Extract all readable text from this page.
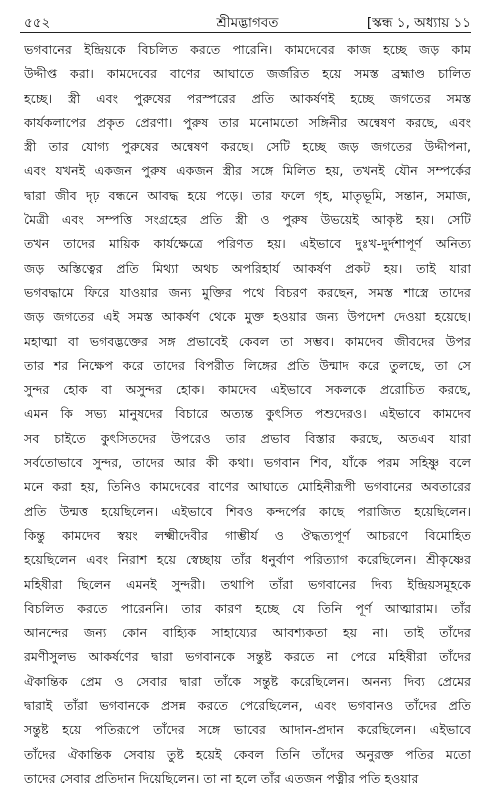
৫৫২	শ্রীমদ্ভাগবত	[স্কন্ধ ১, অধ্যায় ১১
ভগবানের ইন্দ্রিয়কে বিচলিত করতে পারেনি। কামদেবের কাজ হচ্ছে জড় কাম
উদ্দীপ্ত করা। কামদেবের বাণের আঘাতে জর্জরিত হয়ে সমস্ত ব্রহ্মাণ্ড চালিত
হচ্ছে। স্ত্রী এবং পুরুষের পরস্পরের প্রতি আকর্ষণই হচ্ছে জগতের সমস্ত
কার্যকলাপের প্রকৃত প্রেরণা। পুরুষ তার মনোমতো সঙ্গিনীর অন্বেষণ করছে, এবং
স্ত্রী তার যোগ্য পুরুষের অন্বেষণ করছে। সেটি হচ্ছে জড় জগতের উদ্দীপনা,
এবং যখনই একজন পুরুষ একজন স্ত্রীর সঙ্গে মিলিত হয়, তখনই যৌন সম্পর্কের
দ্বারা জীব দৃঢ় বন্ধনে আবদ্ধ হয়ে পড়ে। তার ফলে গৃহ, মাতৃভূমি, সন্তান, সমাজ,
মৈত্রী এবং সম্পত্তি সংগ্রহের প্রতি স্ত্রী ও পুরুষ উভয়েই আকৃষ্ট হয়। সেটি
তখন তাদের মায়িক কার্যক্ষেত্রে পরিণত হয়। এইভাবে দুঃখ-দুর্দশাপূর্ণ অনিত্য
জড় অস্তিত্বের প্রতি মিথ্যা অথচ অপরিহার্য আকর্ষণ প্রকট হয়। তাই যারা
ভগবদ্ধামে ফিরে যাওয়ার জন্য মুক্তির পথে বিচরণ করছেন, সমস্ত শাস্ত্রে তাদের
জড় জগতের এই সমস্ত আকর্ষণ থেকে মুক্ত হওয়ার জন্য উপদেশ দেওয়া হয়েছে।
মহাত্মা বা ভগবদ্ভক্তের সঙ্গ প্রভাবেই কেবল তা সম্ভব। কামদেব জীবদের উপর
তার শর নিক্ষেপ করে তাদের বিপরীত লিঙ্গের প্রতি উন্মাদ করে তুলছে, তা সে
সুন্দর হোক বা অসুন্দর হোক। কামদেব এইভাবে সকলকে প্ররোচিত করছে,
এমন কি সভ্য মানুষদের বিচারে অত্যন্ত কুৎসিত পশুদেরও। এইভাবে কামদেব
সব চাইতে কুৎসিতদের উপরেও তার প্রভাব বিস্তার করছে, অতএব যারা
সর্বতোভাবে সুন্দর, তাদের আর কী কথা। ভগবান শিব, যাঁকে পরম সহিষ্ণু বলে
মনে করা হয়, তিনিও কামদেবের বাণের আঘাতে মোহিনীরূপী ভগবানের অবতারের
প্রতি উন্মত্ত হয়েছিলেন। এইভাবে শিবও কন্দর্পের কাছে পরাজিত হয়েছিলেন।
কিন্তু কামদেব স্বয়ং লক্ষ্মীদেবীর গাম্ভীর্য ও ঔদ্ধত্যপূর্ণ আচরণে বিমোহিত
হয়েছিলেন এবং নিরাশ হয়ে স্বেচ্ছায় তাঁর ধনুর্বাণ পরিত্যাগ করেছিলেন। শ্রীকৃষ্ণের
মহিষীরা ছিলেন এমনই সুন্দরী। তথাপি তাঁরা ভগবানের দিব্য ইন্দ্রিয়সমূহকে
বিচলিত করতে পারেননি। তার কারণ হচ্ছে যে তিনি পূর্ণ আত্মারাম। তাঁর
আনন্দের জন্য কোন বাহ্যিক সাহায্যের আবশ্যকতা হয় না। তাই তাঁদের
রমণীসুলভ আকর্ষণের দ্বারা ভগবানকে সন্তুষ্ট করতে না পেরে মহিষীরা তাঁদের
ঐকান্তিক প্রেম ও সেবার দ্বারা তাঁকে সন্তুষ্ট করেছিলেন। অনন্য দিব্য প্রেমের
দ্বারাই তাঁরা ভগবানকে প্রসন্ন করতে পেরেছিলেন, এবং ভগবানও তাঁদের প্রতি
সন্তুষ্ট হয়ে পতিরূপে তাঁদের সঙ্গে ভাবের আদান-প্রদান করেছিলেন। এইভাবে
তাঁদের ঐকান্তিক সেবায় তুষ্ট হয়েই কেবল তিনি তাঁদের অনুরক্ত পতির মতো
তাদের সেবার প্রতিদান দিয়েছিলেন। তা না হলে তাঁর এতজন পত্নীর পতি হওয়ার
